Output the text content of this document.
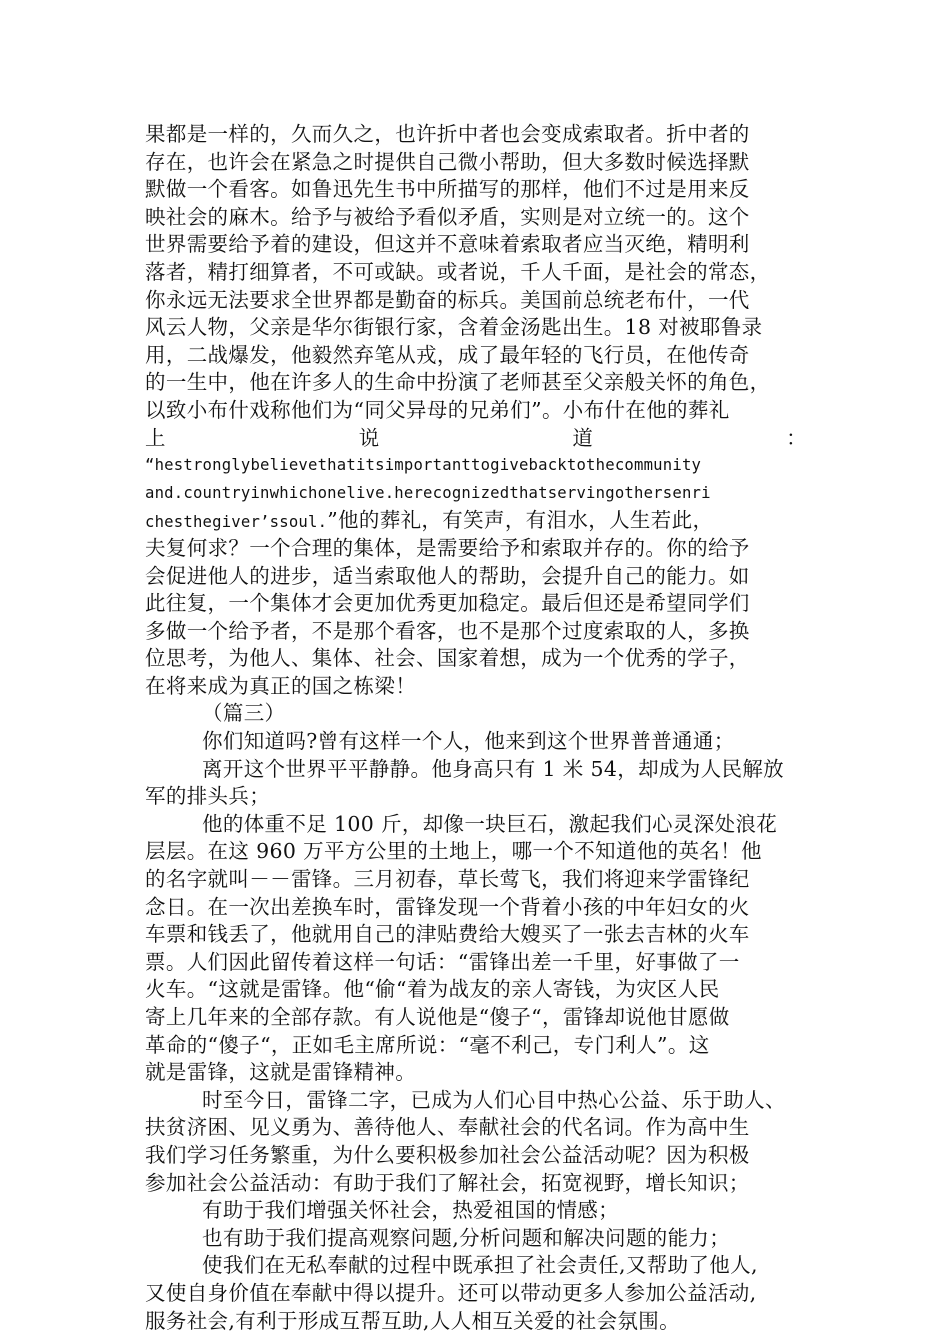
果都是一样的，久而久之，也许折中者也会变成索取者。折中者的
存在，也许会在紧急之时提供自己微小帮助，但大多数时候选择默
默做一个看客。如鲁迅先生书中所描写的那样，他们不过是用来反
映社会的麻木。给予与被给予看似矛盾，实则是对立统一的。这个
世界需要给予着的建设，但这并不意味着索取者应当灭绝，精明利
落者，精打细算者，不可或缺。或者说，千人千面，是社会的常态，
你永远无法要求全世界都是勤奋的标兵。美国前总统老布什，一代
风云人物，父亲是华尔街银行家，含着金汤匙出生。18 对被耶鲁录
用，二战爆发，他毅然弃笔从戎，成了最年轻的飞行员，在他传奇
的一生中，他在许多人的生命中扮演了老师甚至父亲般关怀的角色，
以致小布什戏称他们为“同父异母的兄弟们”。小布什在他的葬礼
上	说	道	：
“hestronglybelievethatitsimportanttogivebacktothecommunity
and.countryinwhichonelive.herecognizedthatservingothersenri
chesthegiver’ssoul.”他的葬礼，有笑声，有泪水，人生若此，
夫复何求？一个合理的集体，是需要给予和索取并存的。你的给予
会促进他人的进步，适当索取他人的帮助，会提升自己的能力。如
此往复，一个集体才会更加优秀更加稳定。最后但还是希望同学们
多做一个给予者，不是那个看客，也不是那个过度索取的人，多换
位思考，为他人、集体、社会、国家着想，成为一个优秀的学子，
在将来成为真正的国之栋梁！
（篇三）
你们知道吗?曾有这样一个人，他来到这个世界普普通通；
离开这个世界平平静静。他身高只有 1 米 54，却成为人民解放
军的排头兵；
他的体重不足 100 斤，却像一块巨石，激起我们心灵深处浪花
层层。在这 960 万平方公里的土地上，哪一个不知道他的英名！他
的名字就叫－－雷锋。三月初春，草长莺飞，我们将迎来学雷锋纪
念日。在一次出差换车时，雷锋发现一个背着小孩的中年妇女的火
车票和钱丢了，他就用自己的津贴费给大嫂买了一张去吉林的火车
票。人们因此留传着这样一句话：“雷锋出差一千里，好事做了一
火车。“这就是雷锋。他“偷“着为战友的亲人寄钱，为灾区人民
寄上几年来的全部存款。有人说他是“傻子“，雷锋却说他甘愿做
革命的“傻子“，正如毛主席所说：“毫不利己，专门利人”。这
就是雷锋，这就是雷锋精神。
时至今日，雷锋二字，已成为人们心目中热心公益、乐于助人、
扶贫济困、见义勇为、善待他人、奉献社会的代名词。作为高中生
我们学习任务繁重，为什么要积极参加社会公益活动呢？因为积极
参加社会公益活动：有助于我们了解社会，拓宽视野，增长知识；
有助于我们增强关怀社会，热爱祖国的情感；
也有助于我们提高观察问题,分析问题和解决问题的能力；
使我们在无私奉献的过程中既承担了社会责任,又帮助了他人,
又使自身价值在奉献中得以提升。还可以带动更多人参加公益活动,
服务社会,有利于形成互帮互助,人人相互关爱的社会氛围。
